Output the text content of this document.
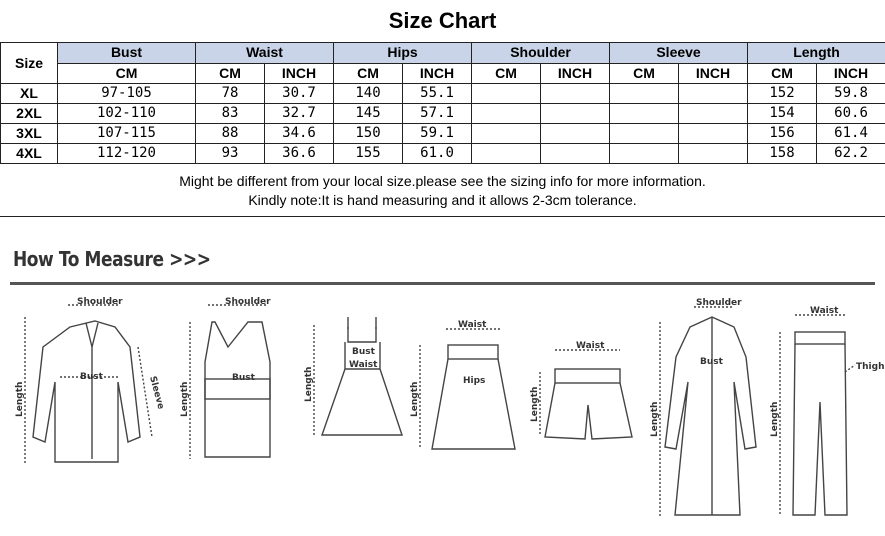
Size Chart
Size	Bust	Waist		Hips		Shoulder		Sleeve		Length	
	CM	CM	INCH	CM	INCH	CM	INCH	CM	INCH	CM	INCH
XL	97-105	78	30.7	140	55.1					152	59.8
2XL	102-110	83	32.7	145	57.1					154	60.6
3XL	107-115	88	34.6	150	59.1					156	61.4
4XL	112-120	93	36.6	155	61.0					158	62.2
Might be different from your local size.please see the sizing info for more information.
Kindly note:It is hand measuring and it allows 2-3cm tolerance.
How To Measure >>>
Shoulder
Bust	Sleeve
Length
Shoulder
Bust
Length
Bust
Waist
Length
Waist
Hips
Length
Waist
Length
Shoulder
Bust
Length
Waist
Thigh
Length
